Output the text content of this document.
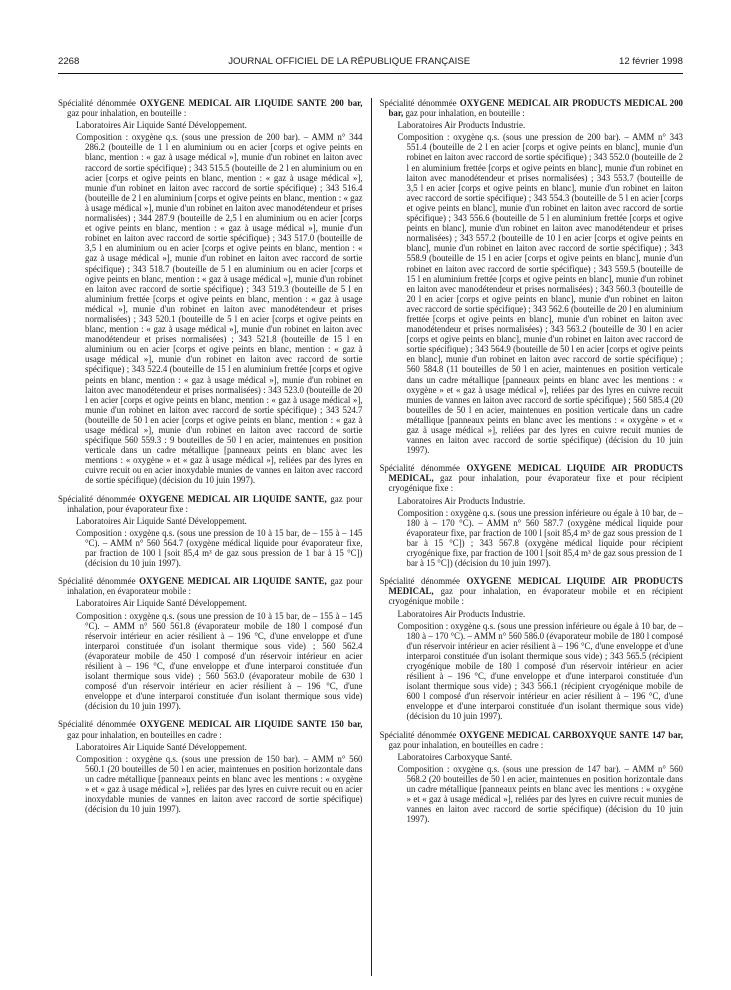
2268	JOURNAL OFFICIEL DE LA RÉPUBLIQUE FRANÇAISE	12 février 1998
Spécialité dénommée OXYGENE MEDICAL AIR LIQUIDE SANTE 200 bar, gaz pour inhalation, en bouteille :
Laboratoires Air Liquide Santé Développement.
Composition : oxygène q.s. (sous une pression de 200 bar). – AMM n° 344 286.2 (bouteille de 1 l en aluminium ou en acier [corps et ogive peints en blanc, mention : « gaz à usage médical »], munie d'un robinet en laiton avec raccord de sortie spécifique) ; 343 515.5 (bouteille de 2 l en aluminium ou en acier [corps et ogive peints en blanc, mention : « gaz à usage médical »], munie d'un robinet en laiton avec raccord de sortie spécifique) ; 343 516.4 (bouteille de 2 l en aluminium [corps et ogive peints en blanc, mention : « gaz à usage médical »], munie d'un robinet en laiton avec manodétendeur et prises normalisées) ; 344 287.9 (bouteille de 2,5 l en aluminium ou en acier [corps et ogive peints en blanc, mention : « gaz à usage médical »], munie d'un robinet en laiton avec raccord de sortie spécifique) ; 343 517.0 (bouteille de 3,5 l en aluminium ou en acier [corps et ogive peints en blanc, mention : « gaz à usage médical »], munie d'un robinet en laiton avec raccord de sortie spécifique) ; 343 518.7 (bouteille de 5 l en aluminium ou en acier [corps et ogive peints en blanc, mention : « gaz à usage médical »], munie d'un robinet en laiton avec raccord de sortie spécifique) ; 343 519.3 (bouteille de 5 l en aluminium frettée [corps et ogive peints en blanc, mention : « gaz à usage médical »], munie d'un robinet en laiton avec manodétendeur et prises normalisées) ; 343 520.1 (bouteille de 5 l en acier [corps et ogive peints en blanc, mention : « gaz à usage médical »], munie d'un robinet en laiton avec manodétendeur et prises normalisées) ; 343 521.8 (bouteille de 15 l en aluminium ou en acier [corps et ogive peints en blanc, mention : « gaz à usage médical »], munie d'un robinet en laiton avec raccord de sortie spécifique) ; 343 522.4 (bouteille de 15 l en aluminium frettée [corps et ogive peints en blanc, mention : « gaz à usage médical »], munie d'un robinet en laiton avec manodétendeur et prises normalisées) : 343 523.0 (bouteille de 20 l en acier [corps et ogive peints en blanc, mention : « gaz à usage médical »], munie d'un robinet en laiton avec raccord de sortie spécifique) ; 343 524.7 (bouteille de 50 l en acier [corps et ogive peints en blanc, mention : « gaz à usage médical »], munie d'un robinet en laiton avec raccord de sortie spécifique 560 559.3 : 9 bouteilles de 50 l en acier, maintenues en position verticale dans un cadre métallique [panneaux peints en blanc avec les mentions : « oxygène » et « gaz à usage médical »], reliées par des lyres en cuivre recuit ou en acier inoxydable munies de vannes en laiton avec raccord de sortie spécifique) (décision du 10 juin 1997).
Spécialité dénommée OXYGENE MEDICAL AIR LIQUIDE SANTE, gaz pour inhalation, pour évaporateur fixe :
Laboratoires Air Liquide Santé Développement.
Composition : oxygène q.s. (sous une pression de 10 à 15 bar, de – 155 à – 145 °C). – AMM n° 560 564.7 (oxygène médical liquide pour évaporateur fixe, par fraction de 100 l [soit 85,4 m³ de gaz sous pression de 1 bar à 15 °C]) (décision du 10 juin 1997).
Spécialité dénommée OXYGENE MEDICAL AIR LIQUIDE SANTE, gaz pour inhalation, en évaporateur mobile :
Laboratoires Air Liquide Santé Développement.
Composition : oxygène q.s. (sous une pression de 10 à 15 bar, de – 155 à – 145 °C). – AMM n° 560 561.8 (évaporateur mobile de 180 l composé d'un réservoir intérieur en acier résilient à – 196 °C, d'une enveloppe et d'une interparoi constituée d'un isolant thermique sous vide) ; 560 562.4 (évaporateur mobile de 450 l composé d'un réservoir intérieur en acier résilient à – 196 °C, d'une enveloppe et d'une interparoi constituée d'un isolant thermique sous vide) ; 560 563.0 (évaporateur mobile de 630 l composé d'un réservoir intérieur en acier résilient à – 196 °C, d'une enveloppe et d'une interparoi constituée d'un isolant thermique sous vide) (décision du 10 juin 1997).
Spécialité dénommée OXYGENE MEDICAL AIR LIQUIDE SANTE 150 bar, gaz pour inhalation, en bouteilles en cadre :
Laboratoires Air Liquide Santé Développement.
Composition : oxygène q.s. (sous une pression de 150 bar). – AMM n° 560 560.1 (20 bouteilles de 50 l en acier, maintenues en position horizontale dans un cadre métallique [panneaux peints en blanc avec les mentions : « oxygène » et « gaz à usage médical »], reliées par des lyres en cuivre recuit ou en acier inoxydable munies de vannes en laiton avec raccord de sortie spécifique) (décision du 10 juin 1997).
Spécialité dénommée OXYGENE MEDICAL AIR PRODUCTS MEDICAL 200 bar, gaz pour inhalation, en bouteille :
Laboratoires Air Products Industrie.
Composition : oxygène q.s. (sous une pression de 200 bar). – AMM n° 343 551.4 (bouteille de 2 l en acier [corps et ogive peints en blanc], munie d'un robinet en laiton avec raccord de sortie spécifique) ; 343 552.0 (bouteille de 2 l en aluminium frettée [corps et ogive peints en blanc], munie d'un robinet en laiton avec manodétendeur et prises normalisées) ; 343 553.7 (bouteille de 3,5 l en acier [corps et ogive peints en blanc], munie d'un robinet en laiton avec raccord de sortie spécifique) ; 343 554.3 (bouteille de 5 l en acier [corps et ogive peints en blanc], munie d'un robinet en laiton avec raccord de sortie spécifique) ; 343 556.6 (bouteille de 5 l en aluminium frettée [corps et ogive peints en blanc], munie d'un robinet en laiton avec manodétendeur et prises normalisées) ; 343 557.2 (bouteille de 10 l en acier [corps et ogive peints en blanc], munie d'un robinet en laiton avec raccord de sortie spécifique) ; 343 558.9 (bouteille de 15 l en acier [corps et ogive peints en blanc], munie d'un robinet en laiton avec raccord de sortie spécifique) ; 343 559.5 (bouteille de 15 l en aluminium frettée [corps et ogive peints en blanc], munie d'un robinet en laiton avec manodétendeur et prises normalisées) ; 343 560.3 (bouteille de 20 l en acier [corps et ogive peints en blanc], munie d'un robinet en laiton avec raccord de sortie spécifique) ; 343 562.6 (bouteille de 20 l en aluminium frettée [corps et ogive peints en blanc], munie d'un robinet en laiton avec manodétendeur et prises normalisées) ; 343 563.2 (bouteille de 30 l en acier [corps et ogive peints en blanc], munie d'un robinet en laiton avec raccord de sortie spécifique) ; 343 564.9 (bouteille de 50 l en acier [corps et ogive peints en blanc], munie d'un robinet en laiton avec raccord de sortie spécifique) ; 560 584.8 (11 bouteilles de 50 l en acier, maintenues en position verticale dans un cadre métallique [panneaux peints en blanc avec les mentions : « oxygène » et « gaz à usage médical »], reliées par des lyres en cuivre recuit munies de vannes en laiton avec raccord de sortie spécifique) ; 560 585.4 (20 bouteilles de 50 l en acier, maintenues en position verticale dans un cadre métallique [panneaux peints en blanc avec les mentions : « oxygène » et « gaz à usage médical »], reliées par des lyres en cuivre recuit munies de vannes en laiton avec raccord de sortie spécifique) (décision du 10 juin 1997).
Spécialité dénommée OXYGENE MEDICAL LIQUIDE AIR PRODUCTS MEDICAL, gaz pour inhalation, pour évaporateur fixe et pour récipient cryogénique fixe :
Laboratoires Air Products Industrie.
Composition : oxygène q.s. (sous une pression inférieure ou égale à 10 bar, de – 180 à – 170 °C). – AMM n° 560 587.7 (oxygène médical liquide pour évaporateur fixe, par fraction de 100 l [soit 85,4 m³ de gaz sous pression de 1 bar à 15 °C]) ; 343 567.8 (oxygène médical liquide pour récipient cryogénique fixe, par fraction de 100 l [soit 85,4 m³ de gaz sous pression de 1 bar à 15 °C]) (décision du 10 juin 1997).
Spécialité dénommée OXYGENE MEDICAL LIQUIDE AIR PRODUCTS MEDICAL, gaz pour inhalation, en évaporateur mobile et en récipient cryogénique mobile :
Laboratoires Air Products Industrie.
Composition : oxygène q.s. (sous une pression inférieure ou égale à 10 bar, de – 180 à – 170 °C). – AMM n° 560 586.0 (évaporateur mobile de 180 l composé d'un réservoir intérieur en acier résilient à – 196 °C, d'une enveloppe et d'une interparoi constituée d'un isolant thermique sous vide) ; 343 565.5 (récipient cryogénique mobile de 180 l composé d'un réservoir intérieur en acier résilient à – 196 °C, d'une enveloppe et d'une interparoi constituée d'un isolant thermique sous vide) ; 343 566.1 (récipient cryogénique mobile de 600 l composé d'un réservoir intérieur en acier résilient à – 196 °C, d'une enveloppe et d'une interparoi constituée d'un isolant thermique sous vide) (décision du 10 juin 1997).
Spécialité dénommée OXYGENE MEDICAL CARBOXYQUE SANTE 147 bar, gaz pour inhalation, en bouteilles en cadre :
Laboratoires Carboxyque Santé.
Composition : oxygène q.s. (sous une pression de 147 bar). – AMM n° 560 568.2 (20 bouteilles de 50 l en acier, maintenues en position horizontale dans un cadre métallique [panneaux peints en blanc avec les mentions : « oxygène » et « gaz à usage médical »], reliées par des lyres en cuivre recuit munies de vannes en laiton avec raccord de sortie spécifique) (décision du 10 juin 1997).
